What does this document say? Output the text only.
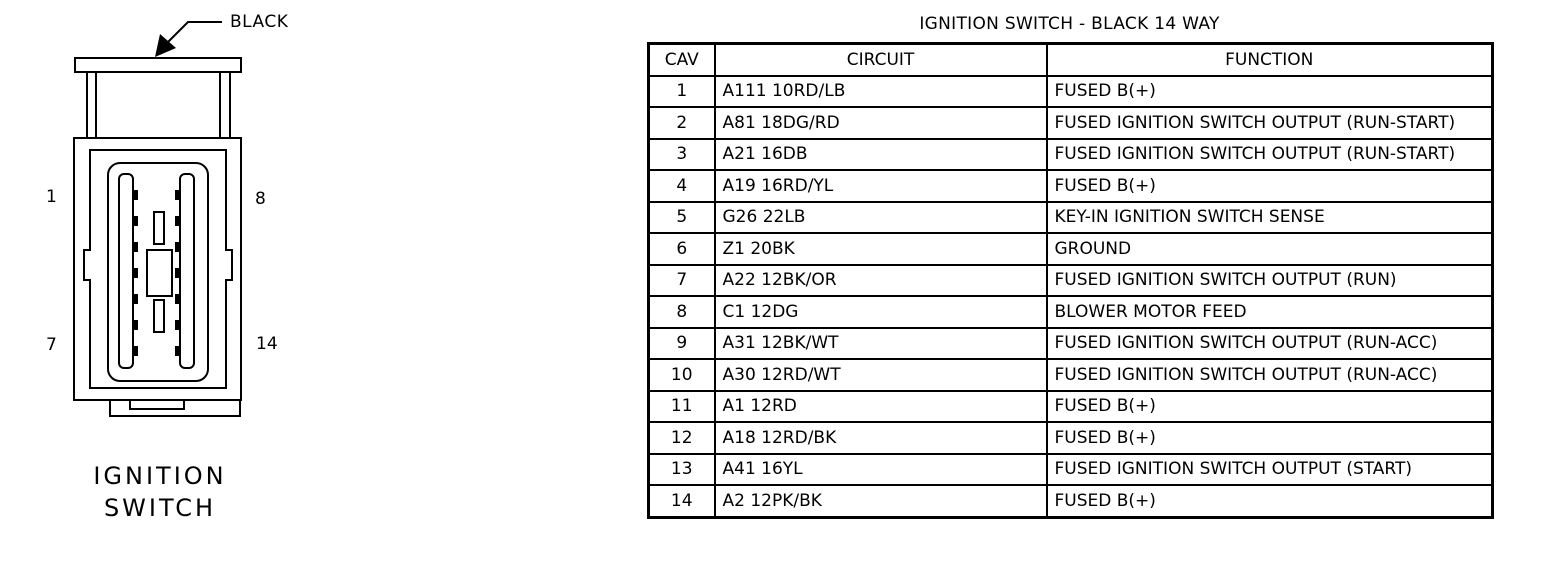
BLACK
1	8
7	14
IGNITION
SWITCH
IGNITION SWITCH - BLACK 14 WAY
CAV	CIRCUIT	FUNCTION
1	A111 10RD/LB	FUSED B(+)
2	A81 18DG/RD	FUSED IGNITION SWITCH OUTPUT (RUN-START)
3	A21 16DB	FUSED IGNITION SWITCH OUTPUT (RUN-START)
4	A19 16RD/YL	FUSED B(+)
5	G26 22LB	KEY-IN IGNITION SWITCH SENSE
6	Z1 20BK	GROUND
7	A22 12BK/OR	FUSED IGNITION SWITCH OUTPUT (RUN)
8	C1 12DG	BLOWER MOTOR FEED
9	A31 12BK/WT	FUSED IGNITION SWITCH OUTPUT (RUN-ACC)
10	A30 12RD/WT	FUSED IGNITION SWITCH OUTPUT (RUN-ACC)
11	A1 12RD	FUSED B(+)
12	A18 12RD/BK	FUSED B(+)
13	A41 16YL	FUSED IGNITION SWITCH OUTPUT (START)
14	A2 12PK/BK	FUSED B(+)
